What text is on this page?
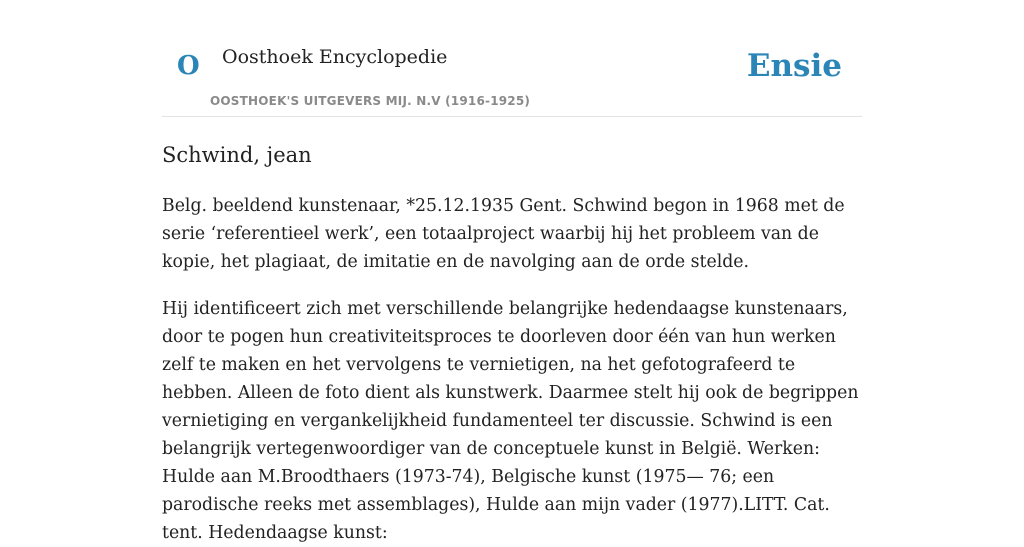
O Oosthoek Encyclopedie
OOSTHOEK'S UITGEVERS MIJ. N.V (1916-1925)
Ensie
Schwind, jean

Belg. beeldend kunstenaar, *25.12.1935 Gent. Schwind begon in 1968 met de serie ‘referentieel werk’, een totaalproject waarbij hij het probleem van de kopie, het plagiaat, de imitatie en de navolging aan de orde stelde.

Hij identificeert zich met verschillende belangrijke hedendaagse kunstenaars, door te pogen hun creativiteitsproces te doorleven door één van hun werken zelf te maken en het vervolgens te vernietigen, na het gefotografeerd te hebben. Alleen de foto dient als kunstwerk. Daarmee stelt hij ook de begrippen vernietiging en vergankelijkheid fundamenteel ter discussie. Schwind is een belangrijk vertegenwoordiger van de conceptuele kunst in België. Werken: Hulde aan M.Broodthaers (1973-74), Belgische kunst (1975— 76; een parodische reeks met assemblages), Hulde aan mijn vader (1977).LITT. Cat. tent. Hedendaagse kunst:
